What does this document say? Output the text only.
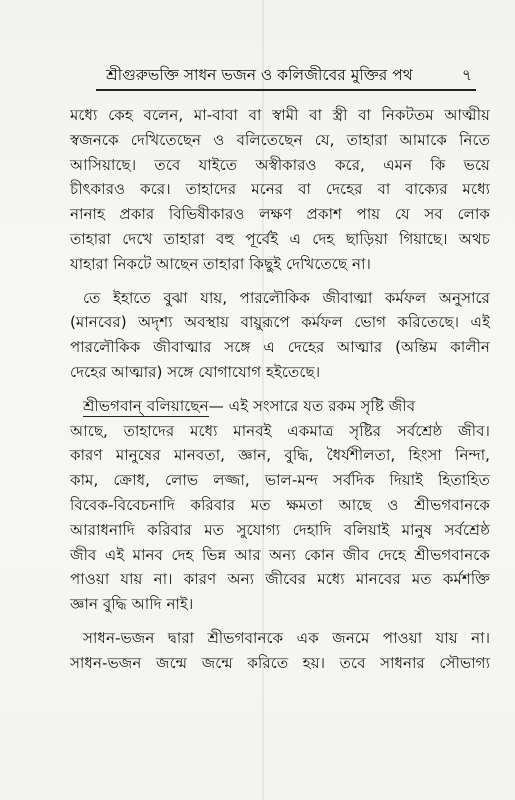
শ্রীগুরুভক্তি সাধন ভজন ও কলিজীবের মুক্তির পথ	৭
মধ্যে কেহ বলেন, মা-বাবা বা স্বামী বা স্ত্রী বা নিকটতম আত্মীয়
স্বজনকে দেখিতেছেন ও বলিতেছেন যে, তাহারা আমাকে নিতে
আসিয়াছে। তবে যাইতে অস্বীকারও করে, এমন কি ভয়ে
চীৎকারও করে। তাহাদের মনের বা দেহের বা বাক্যের মধ্যে
নানাহ প্রকার বিভিষীকারও লক্ষণ প্রকাশ পায় যে সব লোক
তাহারা দেখে তাহারা বহু পূর্বেই এ দেহ ছাড়িয়া গিয়াছে। অথচ
যাহারা নিকটে আছেন তাহারা কিছুই দেখিতেছে না।
তে ইহাতে বুঝা যায়, পারলৌকিক জীবাত্মা কর্মফল অনুসারে
(মানবের) অদৃশ্য অবস্থায় বায়ুরূপে কর্মফল ভোগ করিতেছে। এই
পারলৌকিক জীবাত্মার সঙ্গে এ দেহের আত্মার (অন্তিম কালীন
দেহের আত্মার) সঙ্গে যোগাযোগ হইতেছে।
শ্রীভগবান্ বলিয়াছেন— এই সংসারে যত রকম সৃষ্টি জীব
আছে, তাহাদের মধ্যে মানবই একমাত্র সৃষ্টির সর্বশ্রেষ্ঠ জীব।
কারণ মানুষের মানবতা, জ্ঞান, বুদ্ধি, ধৈর্যশীলতা, হিংসা নিন্দা,
কাম, ক্রোধ, লোভ লজ্জা, ভাল-মন্দ সর্বদিক দিয়াই হিতাহিত
বিবেক-বিবেচনাদি করিবার মত ক্ষমতা আছে ও শ্রীভগবানকে
আরাধনাদি করিবার মত সুযোগ্য দেহাদি বলিয়াই মানুষ সর্বশ্রেষ্ঠ
জীব এই মানব দেহ ভিন্ন আর অন্য কোন জীব দেহে শ্রীভগবানকে
পাওয়া যায় না। কারণ অন্য জীবের মধ্যে মানবের মত কর্মশক্তি
জ্ঞান বুদ্ধি আদি নাই।
সাধন-ভজন দ্বারা শ্রীভগবানকে এক জনমে পাওয়া যায় না।
সাধন-ভজন জন্মে জন্মে করিতে হয়। তবে সাধনার সৌভাগ্য
